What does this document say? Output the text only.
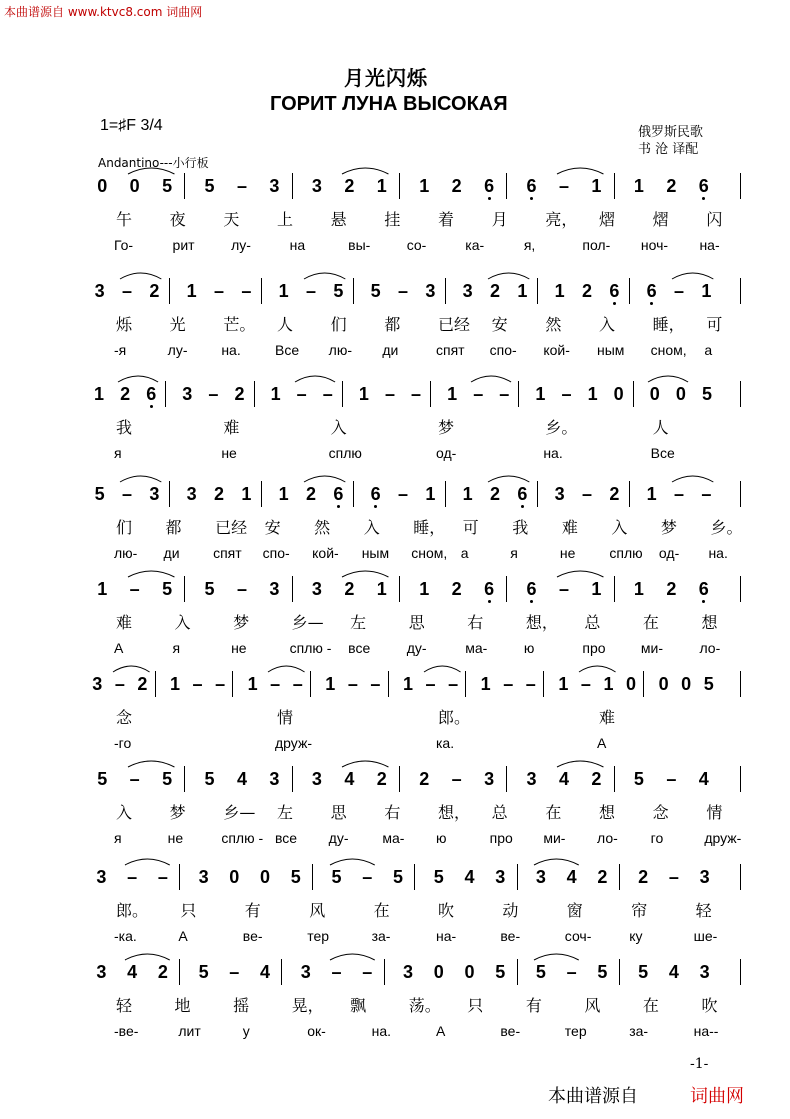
本曲谱源自 www.ktvc8.com 词曲网
月光闪烁
ГОРИТ ЛУНА ВЫСОКАЯ
1=♯F 3/4	俄罗斯民歌
书 沧 译配
Andantino---小行板
0 0 5 5 – 3 3 2 1 1 2 6 6 – 1 1 2 6
午 夜 天 上 悬 挂 着 月 亮， 熠 熠 闪
Го-	рит	лу-	на	вы-	со-	ка-	я,	пол- ноч- на-
3 – 2 1 – – 1 – 5 5 – 3 3 2 1 1 2 6 6 – 1
烁 光 芒。 人 们 都 已经 安 然 入 睡， 可
-я	лу- на. Все лю- ди	спят спо- кой- ным сном, а
1 2 6 3 – 2 1 – – 1 – – 1 – – 1 – 1 0 0 0 5
我	难	入	梦	乡。	人
я	не	сплю	од-	на.	Все
5 – 3 3 2 1 1 2 6 6 – 1 1 2 6 3 – 2 1 – –
们 都 已经 安 然 入 睡， 可 我 难 入 梦 乡。
лю- ди спят спо- кой- ным сном, а	я	не сплю од- на.
1 – 5 5 – 3 3 2 1 1 2 6 6 – 1 1 2 6
难	入	梦	乡— 左	思	右	想， 总	在	想
А	я	не	сплю - все	ду-	ма-	ю	про	ми-	ло-
3 – 2 1 – – 1 – – 1 – – 1 – – 1 – – 1 – 1 0 0 0 5
念	情	郎。	难
-го	друж-	ка.	А
5 – 5 5 4 3 3 4 2 2 – 3 3 4 2 5 – 4
入 梦 乡— 左 思 右 想， 总 在 想 念 情
я	не	сплю - все ду- ма- ю	про ми- ло- го	друж-
3 – – 3 0 0 5 5 – 5 5 4 3 3 4 2 2 – 3
郎。 只	有	风	在	吹	动	窗	帘	轻
-ка.	А	ве-	тер	за-	на-	ве-	соч-	ку	ше-
3 4 2 5 – 4 3 – – 3 0 0 5 5 – 5 5 4 3
轻	地	摇	晃， 飘	荡。 只	有	风	在	吹
-ве-	лит	у	ок-	на.	А	ве-	тер	за-	на--
-1-
本曲谱源自	词曲网
